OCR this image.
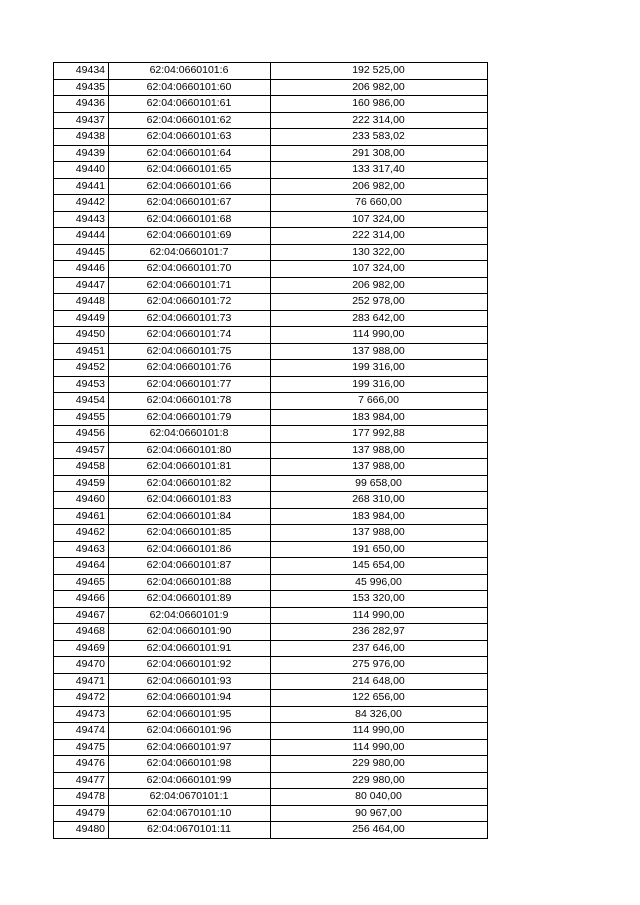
49434	62:04:0660101:6	192 525,00
49435	62:04:0660101:60	206 982,00
49436	62:04:0660101:61	160 986,00
49437	62:04:0660101:62	222 314,00
49438	62:04:0660101:63	233 583,02
49439	62:04:0660101:64	291 308,00
49440	62:04:0660101:65	133 317,40
49441	62:04:0660101:66	206 982,00
49442	62:04:0660101:67	76 660,00
49443	62:04:0660101:68	107 324,00
49444	62:04:0660101:69	222 314,00
49445	62:04:0660101:7	130 322,00
49446	62:04:0660101:70	107 324,00
49447	62:04:0660101:71	206 982,00
49448	62:04:0660101:72	252 978,00
49449	62:04:0660101:73	283 642,00
49450	62:04:0660101:74	114 990,00
49451	62:04:0660101:75	137 988,00
49452	62:04:0660101:76	199 316,00
49453	62:04:0660101:77	199 316,00
49454	62:04:0660101:78	7 666,00
49455	62:04:0660101:79	183 984,00
49456	62:04:0660101:8	177 992,88
49457	62:04:0660101:80	137 988,00
49458	62:04:0660101:81	137 988,00
49459	62:04:0660101:82	99 658,00
49460	62:04:0660101:83	268 310,00
49461	62:04:0660101:84	183 984,00
49462	62:04:0660101:85	137 988,00
49463	62:04:0660101:86	191 650,00
49464	62:04:0660101:87	145 654,00
49465	62:04:0660101:88	45 996,00
49466	62:04:0660101:89	153 320,00
49467	62:04:0660101:9	114 990,00
49468	62:04:0660101:90	236 282,97
49469	62:04:0660101:91	237 646,00
49470	62:04:0660101:92	275 976,00
49471	62:04:0660101:93	214 648,00
49472	62:04:0660101:94	122 656,00
49473	62:04:0660101:95	84 326,00
49474	62:04:0660101:96	114 990,00
49475	62:04:0660101:97	114 990,00
49476	62:04:0660101:98	229 980,00
49477	62:04:0660101:99	229 980,00
49478	62:04:0670101:1	80 040,00
49479	62:04:0670101:10	90 967,00
49480	62:04:0670101:11	256 464,00
